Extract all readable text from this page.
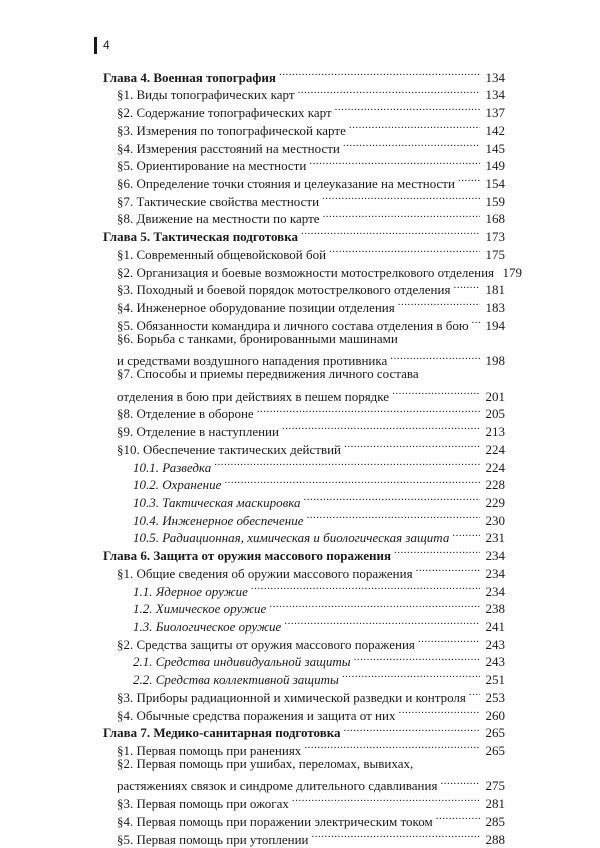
4
Глава 4. Военная топография .....	134
§1. Виды топографических карт .....	134
§2. Содержание топографических карт .....	137
§3. Измерения по топографической карте .....	142
§4. Измерения расстояний на местности .....	145
§5. Ориентирование на местности .....	149
§6. Определение точки стояния и целеуказание на местности ..... 154
§7. Тактические свойства местности .....	159
§8. Движение на местности по карте .....	168
Глава 5. Тактическая подготовка .....	173
§1. Современный общевойсковой бой .....	175
§2. Организация и боевые возможности мотострелкового отделения 179
§3. Походный и боевой порядок мотострелкового отделения .....	181
§4. Инженерное оборудование позиции отделения .....	183
§5. Обязанности командира и личного состава отделения в бою ..... 194
§6. Борьба с танками, бронированными машинами
и средствами воздушного нападения противника .....	198
§7. Способы и приемы передвижения личного состава
отделения в бою при действиях в пешем порядке .....	201
§8. Отделение в обороне .....	205
§9. Отделение в наступлении .....	213
§10. Обеспечение тактических действий .....	224
10.1. Разведка .....	224
10.2. Охранение .....	228
10.3. Тактическая маскировка .....	229
10.4. Инженерное обеспечение .....	230
10.5. Радиационная, химическая и биологическая защита .....	231
Глава 6. Защита от оружия массового поражения .....	234
§1. Общие сведения об оружии массового поражения .....	234
1.1. Ядерное оружие .....	234
1.2. Химическое оружие .....	238
1.3. Биологическое оружие .....	241
§2. Средства защиты от оружия массового поражения .....	243
2.1. Средства индивидуальной защиты .....	243
2.2. Средства коллективной защиты .....	251
§3. Приборы радиационной и химической разведки и контроля ..... 253
§4. Обычные средства поражения и защита от них .....	260
Глава 7. Медико-санитарная подготовка .....	265
§1. Первая помощь при ранениях .....	265
§2. Первая помощь при ушибах, переломах, вывихах,
растяжениях связок и синдроме длительного сдавливания .....	275
§3. Первая помощь при ожогах .....	281
§4. Первая помощь при поражении электрическим током .....	285
§5. Первая помощь при утоплении .....	288
